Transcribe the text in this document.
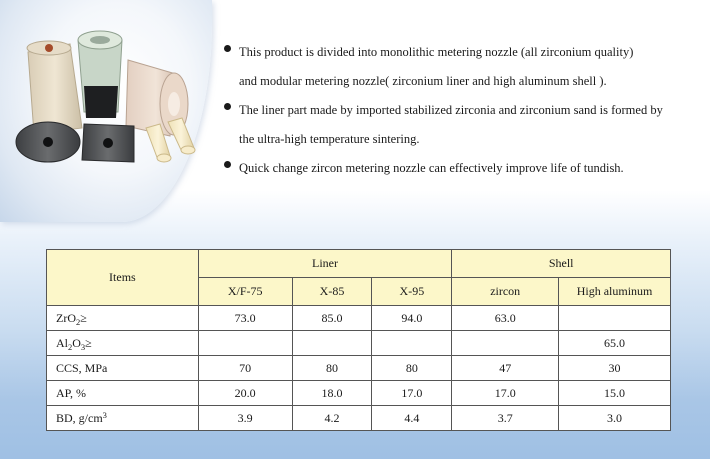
This product is divided into monolithic metering nozzle (all zirconium quality)
and modular metering nozzle( zirconium liner and high aluminum shell ).
The liner part made by imported stabilized zirconia and zirconium sand is formed by
the ultra-high temperature sintering.
Quick change zircon metering nozzle can effectively improve life of tundish.
Items	Liner			Shell	
	X/F-75	X-85	X-95	zircon	High aluminum
ZrO$_2$≥	73.0	85.0	94.0	63.0	
$Al_2O_3\ge$					65.0
CCS, MPa	70	80	80	47	30
AP, %	20.0	18.0	17.0	17.0	15.0
BD, $g/cm^3$	3.9	4.2	4.4	3.7	3.0
